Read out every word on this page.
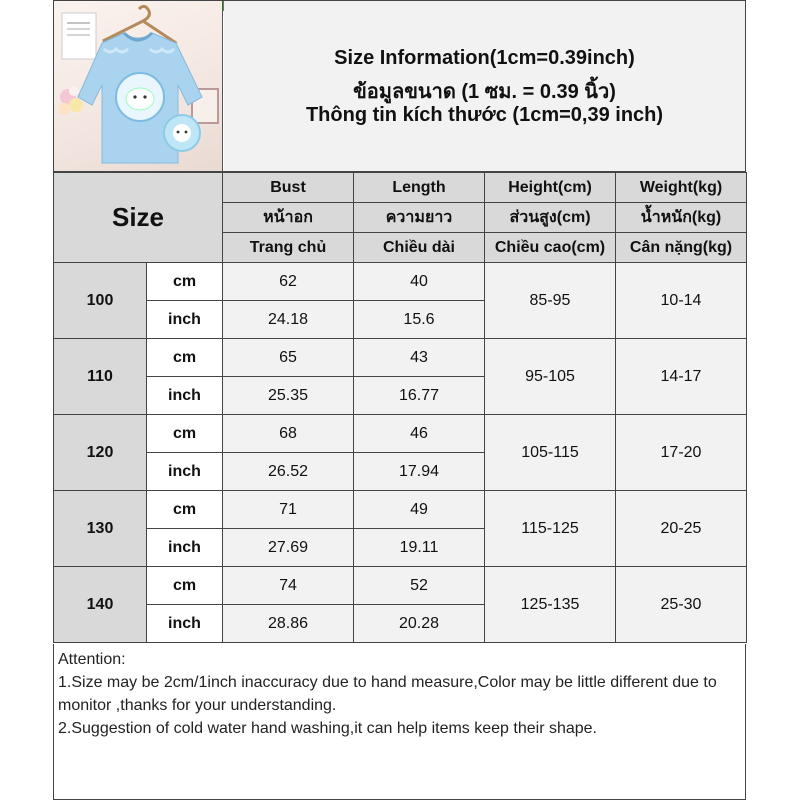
Size Information(1cm=0.39inch)
ข้อมูลขนาด (1 ซม. = 0.39 นิ้ว)
Thông tin kích thước (1cm=0,39 inch)
Size		Bust	Length	Height(cm)	Weight(kg)
		หน้าอก	ความยาว	ส่วนสูง(cm)	น้ำหนัก(kg)
		Trang chủ	Chiều dài	Chiều cao(cm)	Cân nặng(kg)
100	cm	62	40	85-95	10-14
	inch	24.18	15.6		
110	cm	65	43	95-105	14-17
	inch	25.35	16.77		
120	cm	68	46	105-115	17-20
	inch	26.52	17.94		
130	cm	71	49	115-125	20-25
	inch	27.69	19.11		
140	cm	74	52	125-135	25-30
	inch	28.86	20.28		
Attention:
1.Size may be 2cm/1inch inaccuracy due to hand measure,Color may be little different due to monitor ,thanks for your understanding.
2.Suggestion of cold water hand washing,it can help items keep their shape.
